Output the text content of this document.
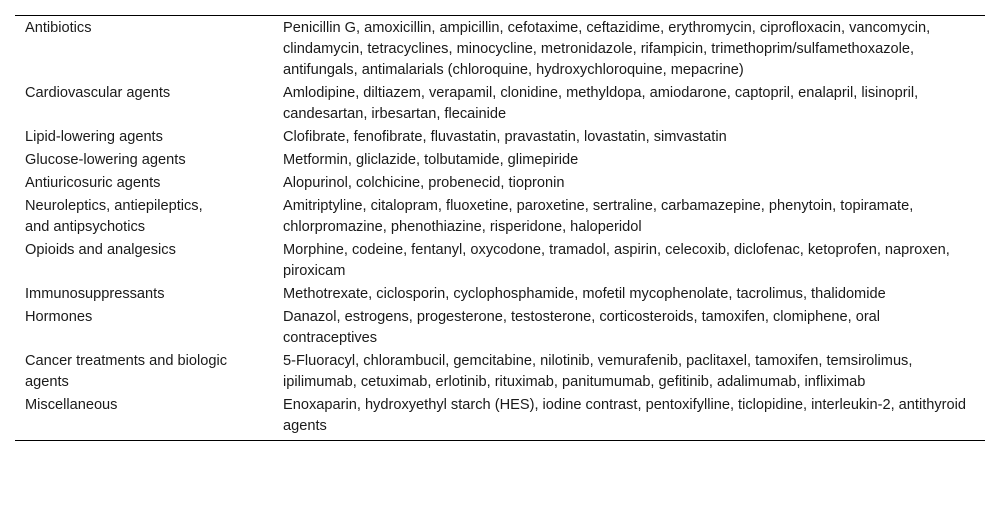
Antibiotics	Penicillin G, amoxicillin, ampicillin, cefotaxime, ceftazidime, erythromycin, ciprofloxacin, vancomycin, clindamycin, tetracyclines, minocycline, metronidazole, rifampicin, trimethoprim/sulfamethoxazole, antifungals, antimalarials (chloroquine, hydroxychloroquine, mepacrine)
Cardiovascular agents	Amlodipine, diltiazem, verapamil, clonidine, methyldopa, amiodarone, captopril, enalapril, lisinopril, candesartan, irbesartan, flecainide
Lipid-lowering agents	Clofibrate, fenofibrate, fluvastatin, pravastatin, lovastatin, simvastatin
Glucose-lowering agents	Metformin, gliclazide, tolbutamide, glimepiride
Antiuricosuric agents	Alopurinol, colchicine, probenecid, tiopronin
Neuroleptics, antiepileptics, and antipsychotics	Amitriptyline, citalopram, fluoxetine, paroxetine, sertraline, carbamazepine, phenytoin, topiramate, chlorpromazine, phenothiazine, risperidone, haloperidol
Opioids and analgesics	Morphine, codeine, fentanyl, oxycodone, tramadol, aspirin, celecoxib, diclofenac, ketoprofen, naproxen, piroxicam
Immunosuppressants	Methotrexate, ciclosporin, cyclophosphamide, mofetil mycophenolate, tacrolimus, thalidomide
Hormones	Danazol, estrogens, progesterone, testosterone, corticosteroids, tamoxifen, clomiphene, oral contraceptives
Cancer treatments and biologic agents	5-Fluoracyl, chlorambucil, gemcitabine, nilotinib, vemurafenib, paclitaxel, tamoxifen, temsirolimus, ipilimumab, cetuximab, erlotinib, rituximab, panitumumab, gefitinib, adalimumab, infliximab
Miscellaneous	Enoxaparin, hydroxyethyl starch (HES), iodine contrast, pentoxifylline, ticlopidine, interleukin-2, antithyroid agents
